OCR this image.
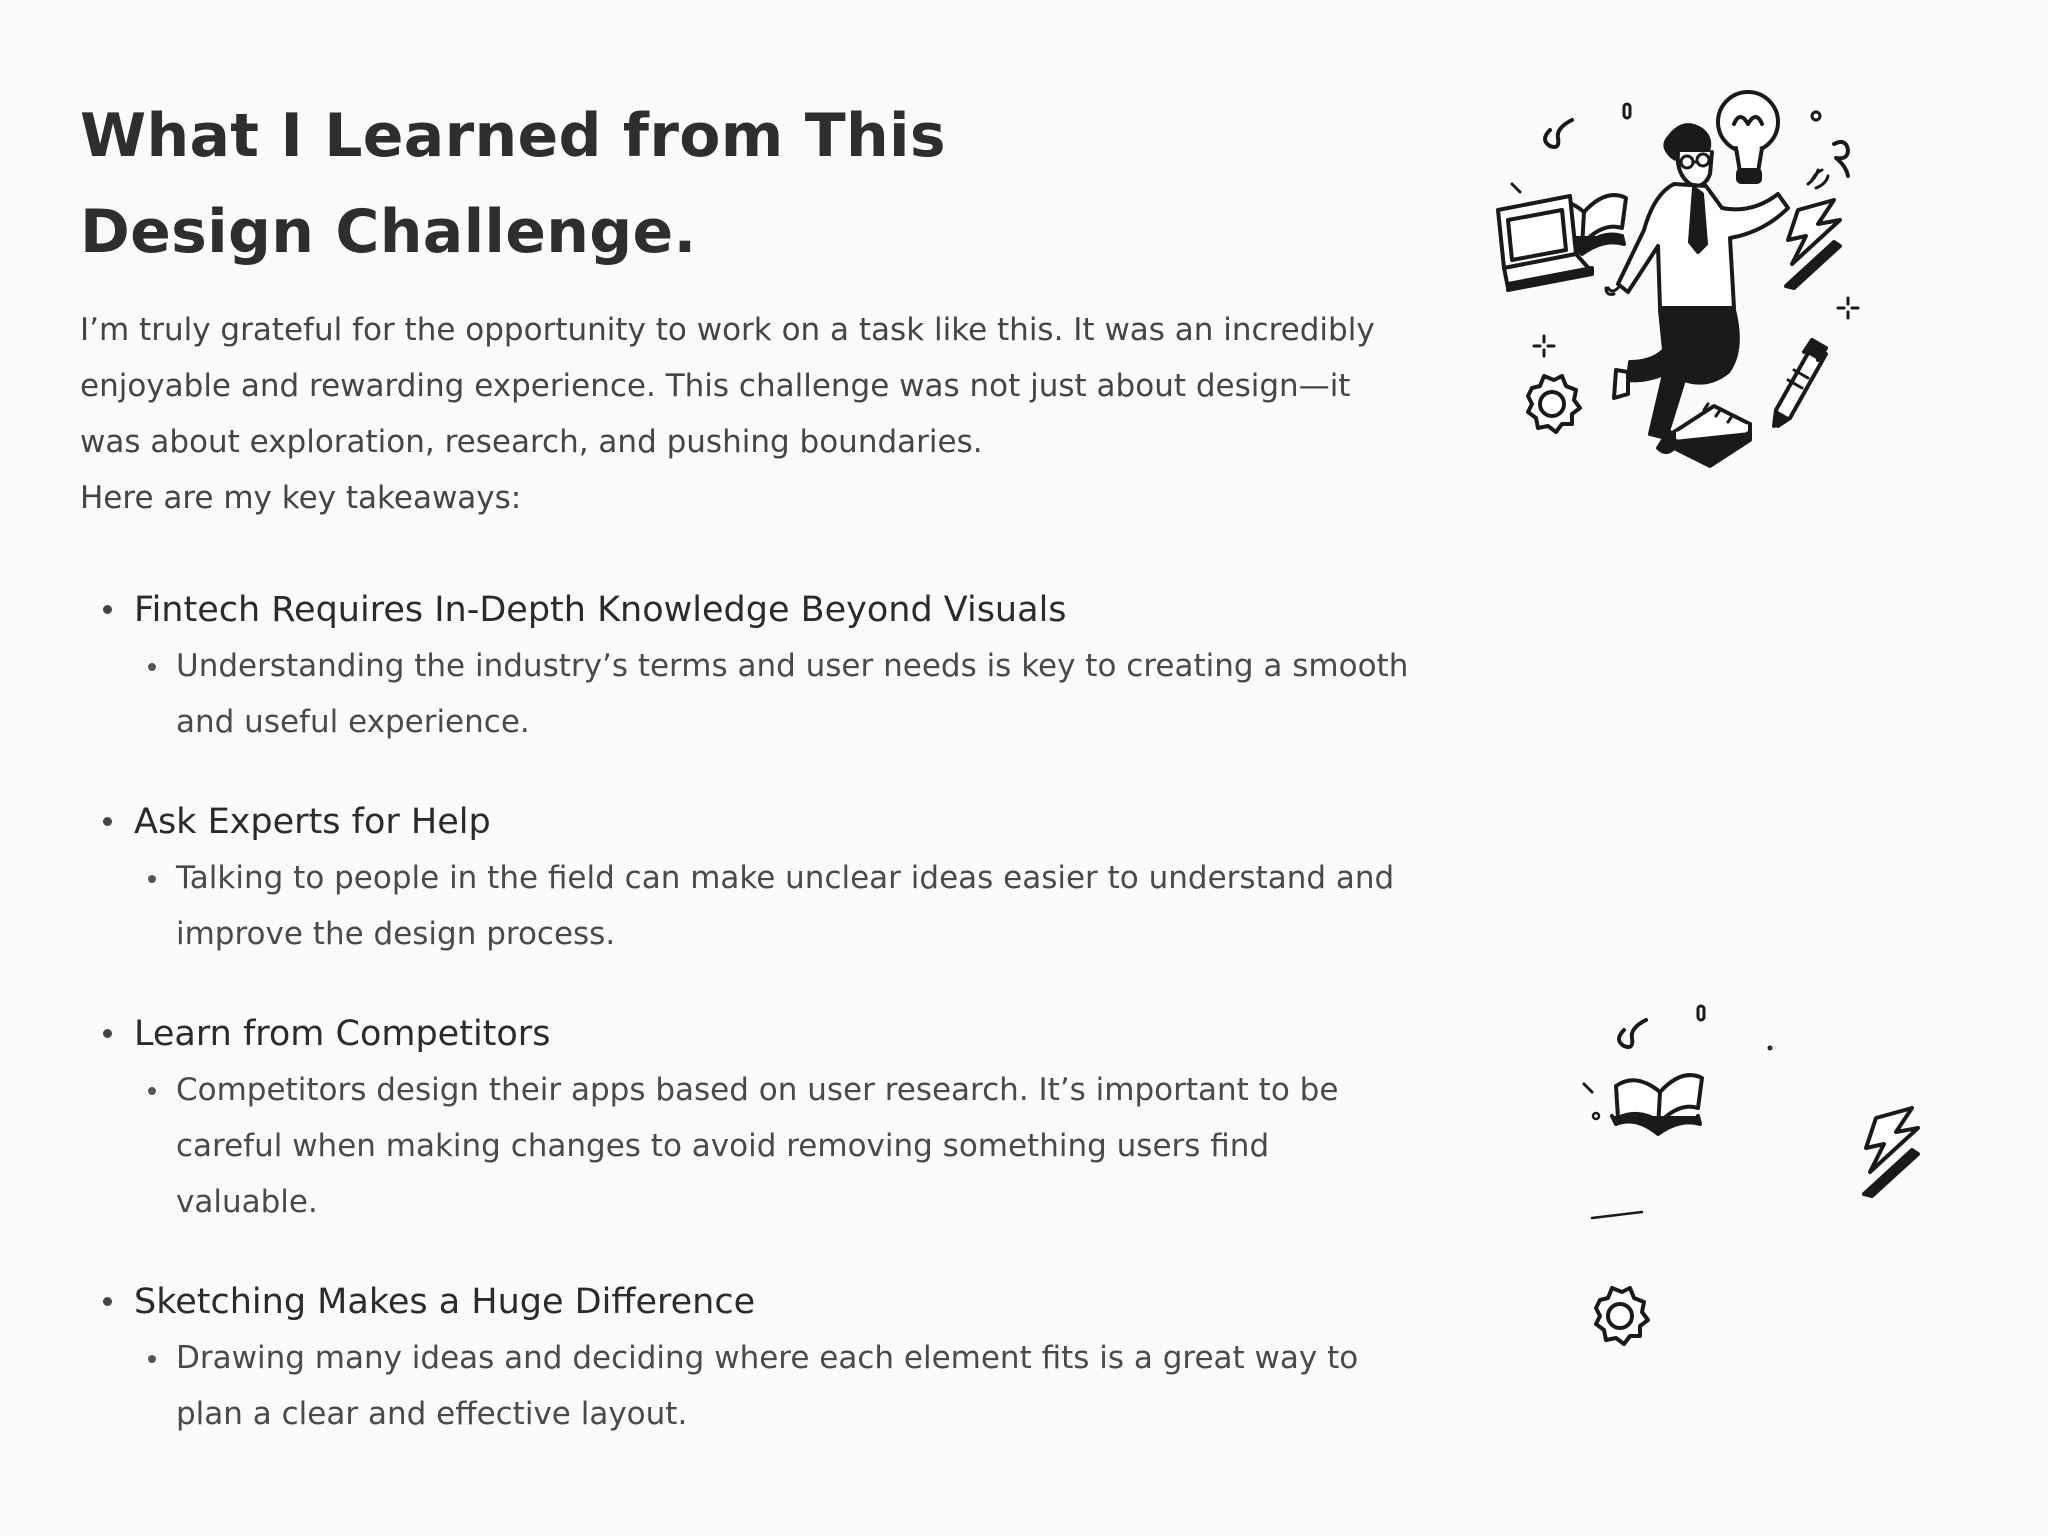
What I Learned from This
Design Challenge.

I’m truly grateful for the opportunity to work on a task like this. It was an incredibly enjoyable and rewarding experience. This challenge was not just about design—it was about exploration, research, and pushing boundaries.

Here are my key takeaways:

Fintech Requires In-Depth Knowledge Beyond Visuals
Understanding the industry’s terms and user needs is key to creating a smooth and useful experience.
Ask Experts for Help
Talking to people in the field can make unclear ideas easier to understand and improve the design process.
Learn from Competitors
Competitors design their apps based on user research. It’s important to be careful when making changes to avoid removing something users find valuable.
Sketching Makes a Huge Difference
Drawing many ideas and deciding where each element fits is a great way to plan a clear and effective layout.
